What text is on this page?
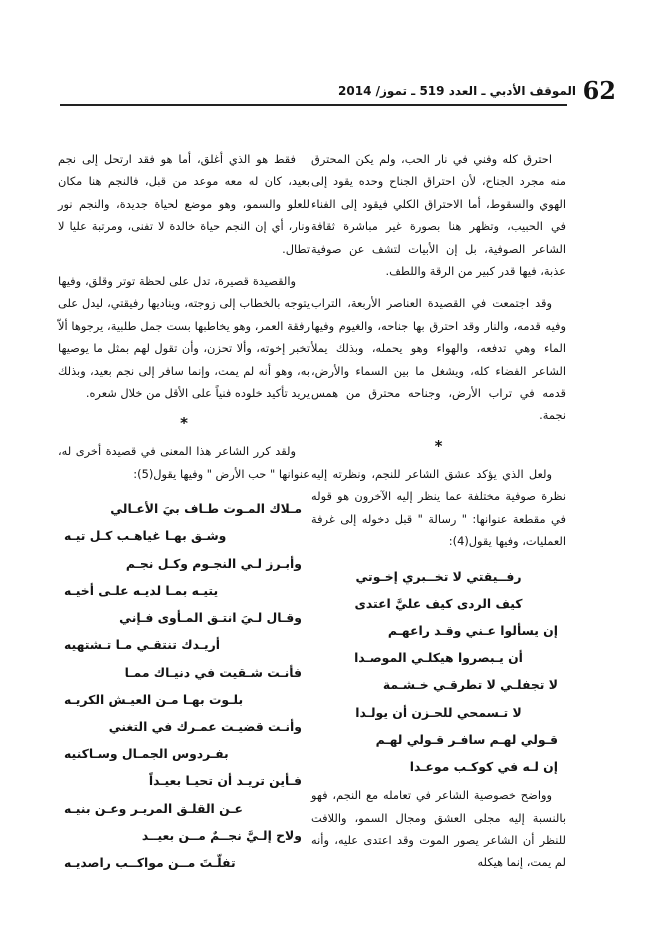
62
الموقف الأدبي ـ العدد 519 ـ تموز/ 2014

احترق كله وفني في نار الحب، ولم يكن المحترق منه مجرد الجناح، لأن احتراق الجناح وحده يقود إلى الهوي والسقوط، أما الاحتراق الكلي فيقود إلى الفناء في الحبيب، وتظهر هنا بصورة غير مباشرة ثقافة الشاعر الصوفية، بل إن الأبيات لتشف عن صوفية عذبة، فيها قدر كبير من الرقة واللطف.

وقد اجتمعت في القصيدة العناصر الأربعة، التراب وفيه قدمه، والنار وقد احترق بها جناحه، والغيوم وفيها الماء وهي تدفعه، والهواء وهو يحمله، وبذلك يملأ الشاعر الفضاء كله، ويشغل ما بين السماء والأرض، قدمه في تراب الأرض، وجناحه محترق من همس نجمة.

*

ولعل الذي يؤكد عشق الشاعر للنجم، ونظرته إليه نظرة صوفية مختلفة عما ينظر إليه الآخرون هو قوله في مقطعة عنوانها: " رسالة " قبل دخوله إلى غرفة العمليات، وفيها يقول(4):

رفــيقتي لا تخــبري إخـوتي
كيف الردى كيف عليَّ اعتدى
إن يسألوا عـني وقـد راعهـم
أن يـبصروا هيكلـي الموصـدا
لا تجفلـي لا تطرقـي خـشـمة
لا تـسمحي للحـزن أن يولـدا
قـولي لهـم سافـر قـولي لهـم
إن لـه في كوكـب موعـدا

وواضح خصوصية الشاعر في تعامله مع النجم، فهو بالنسبة إليه مجلى العشق ومجال السمو، واللافت للنظر أن الشاعر يصور الموت وقد اعتدى عليه، وأنه لم يمت، إنما هيكله

فقط هو الذي أغلق، أما هو فقد ارتحل إلى نجم بعيد، كان له معه موعد من قبل، فالنجم هنا مكان للعلو والسمو، وهو موضع لحياة جديدة، والنجم نور ونار، أي إن النجم حياة خالدة لا تفنى، ومرتبة عليا لا تطال.

والقصيدة قصيرة، تدل على لحظة توتر وقلق، وفيها يتوجه بالخطاب إلى زوجته، ويناديها رفيقتي، ليدل على رفقة العمر، وهو يخاطبها بست جمل طلبية، يرجوها ألاّ تخبر إخوته، وألا تحزن، وأن تقول لهم بمثل ما يوصيها به، وهو أنه لم يمت، وإنما سافر إلى نجم بعيد، وبذلك يريد تأكيد خلوده فنياً على الأقل من خلال شعره.

*

ولقد كرر الشاعر هذا المعنى في قصيدة أخرى له، عنوانها " حب الأرض " وفيها يقول(5):

مـلاك المـوت طـاف بيَ الأعـالي
وشـق بهـا غياهـب كـل تيـه
وأبـرز لـي النجـوم وكـل نجـم
يتيـه بمـا لديـه علـى أخيـه
وقـال لـيَ انتـق المـأوى فـإني
أريـدك تنتقـي مـا تـشتهيه
فأنـت شـقيت في دنيـاك ممـا
بلـوت بهـا مـن العيـش الكريـه
وأنـت قضيـت عمـرك في التغني
بفـردوس الجمـال وسـاكنيه
فـأين تريـد أن تحيـا بعيـداً
عـن القلـق المريـر وعـن بنيـه
ولاح إلـيَّ نجــمٌ مــن بعيــد
تفلّـتَ مــن مواكــب راصديـه
